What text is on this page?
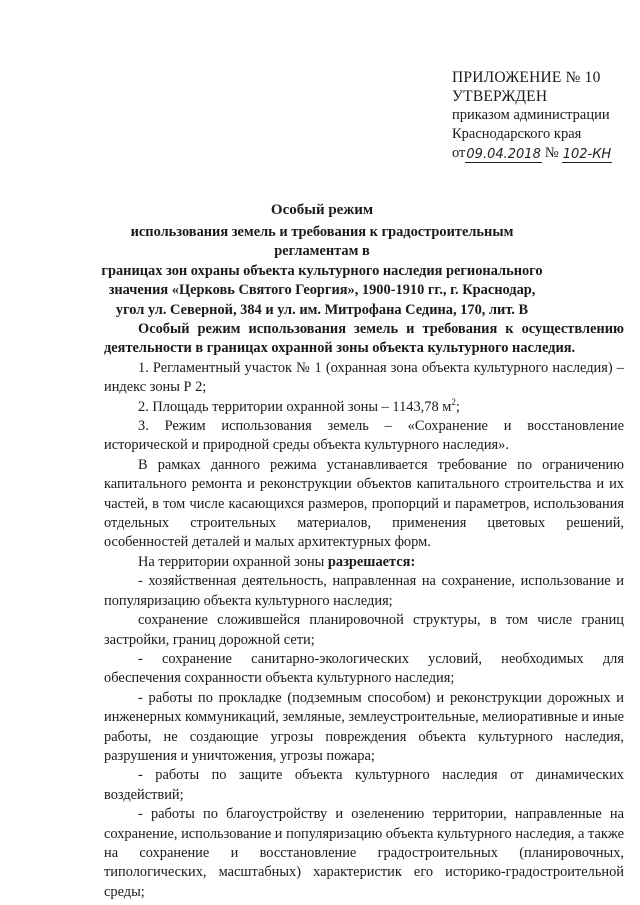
ПРИЛОЖЕНИЕ № 10
УТВЕРЖДЕН
приказом администрации
Краснодарского края
от 09.04.2018 № 102-КН
Особый режим
использования земель и требования к градостроительным регламентам в
границах зон охраны объекта культурного наследия регионального
значения «Церковь Святого Георгия», 1900-1910 гг., г. Краснодар,
угол ул. Северной, 384 и ул. им. Митрофана Седина, 170, лит. В

Особый режим использования земель и требования к осуществлению деятельности в границах охранной зоны объекта культурного наследия.

1. Регламентный участок № 1 (охранная зона объекта культурного наследия) – индекс зоны Р 2;

2. Площадь территории охранной зоны – 1143,78 $м^2$;

3. Режим использования земель – «Сохранение и восстановление исторической и природной среды объекта культурного наследия».

В рамках данного режима устанавливается требование по ограничению капитального ремонта и реконструкции объектов капитального строительства и их частей, в том числе касающихся размеров, пропорций и параметров, использования отдельных строительных материалов, применения цветовых решений, особенностей деталей и малых архитектурных форм.

На территории охранной зоны разрешается:

- хозяйственная деятельность, направленная на сохранение, использование и популяризацию объекта культурного наследия;

сохранение сложившейся планировочной структуры, в том числе границ застройки, границ дорожной сети;

- сохранение санитарно-экологических условий, необходимых для обеспечения сохранности объекта культурного наследия;

- работы по прокладке (подземным способом) и реконструкции дорожных и инженерных коммуникаций, земляные, землеустроительные, мелиоративные и иные работы, не создающие угрозы повреждения объекта культурного наследия, разрушения и уничтожения, угрозы пожара;

- работы по защите объекта культурного наследия от динамических воздействий;

- работы по благоустройству и озеленению территории, направленные на сохранение, использование и популяризацию объекта культурного наследия, а также на сохранение и восстановление градостроительных (планировочных, типологических, масштабных) характеристик его историко-градостроительной среды;
